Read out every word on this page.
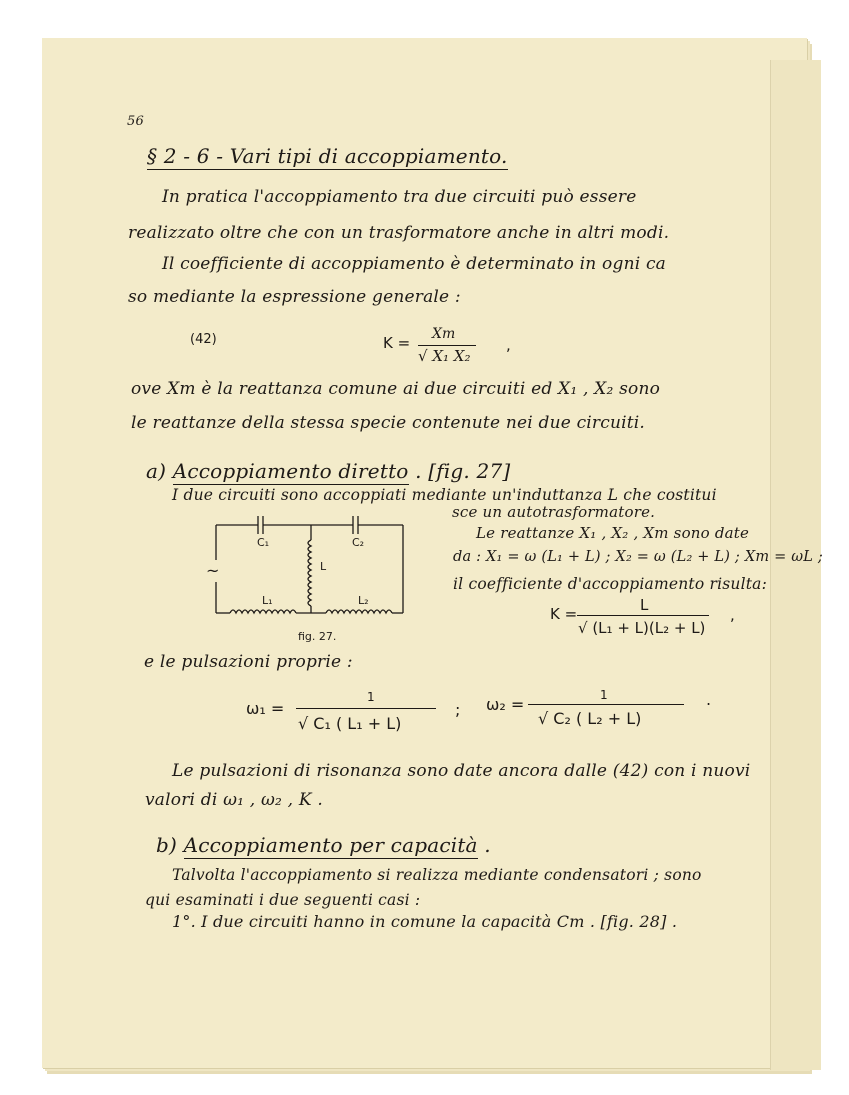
56
§ 2 - 6 - Vari tipi di accoppiamento.
In pratica l'accoppiamento tra due circuiti può essere
realizzato oltre che con un trasformatore anche in altri modi.
Il coefficiente di accoppiamento è determinato in ogni ca
so mediante la espressione generale :
(42)	K = Xm
√ X₁ X₂
,
ove Xm è la reattanza comune ai due circuiti ed X₁ , X₂ sono
le reattanze della stessa specie contenute nei due circuiti.
a) Accoppiamento diretto . [fig. 27]
I due circuiti sono accoppiati mediante un'induttanza L che costitui
sce un autotrasformatore.
Le reattanze X₁ , X₂ , Xm sono date
da : X₁ = ω (L₁ + L) ; X₂ = ω (L₂ + L) ; Xm = ωL ;
il coefficiente d'accoppiamento risulta:
K =	L
√ (L₁ + L)(L₂ + L)
,
~
C₁	C₂
L
L₁	L₂
fig. 27.
e le pulsazioni proprie :
ω₁ =
1
√ C₁ ( L₁ + L)
; ω₂ =	1
√ C₂ ( L₂ + L)
.
Le pulsazioni di risonanza sono date ancora dalle (42) con i nuovi
valori di ω₁ , ω₂ , K .
b) Accoppiamento per capacità .
Talvolta l'accoppiamento si realizza mediante condensatori ; sono
qui esaminati i due seguenti casi :
1°. I due circuiti hanno in comune la capacità Cm . [fig. 28] .
